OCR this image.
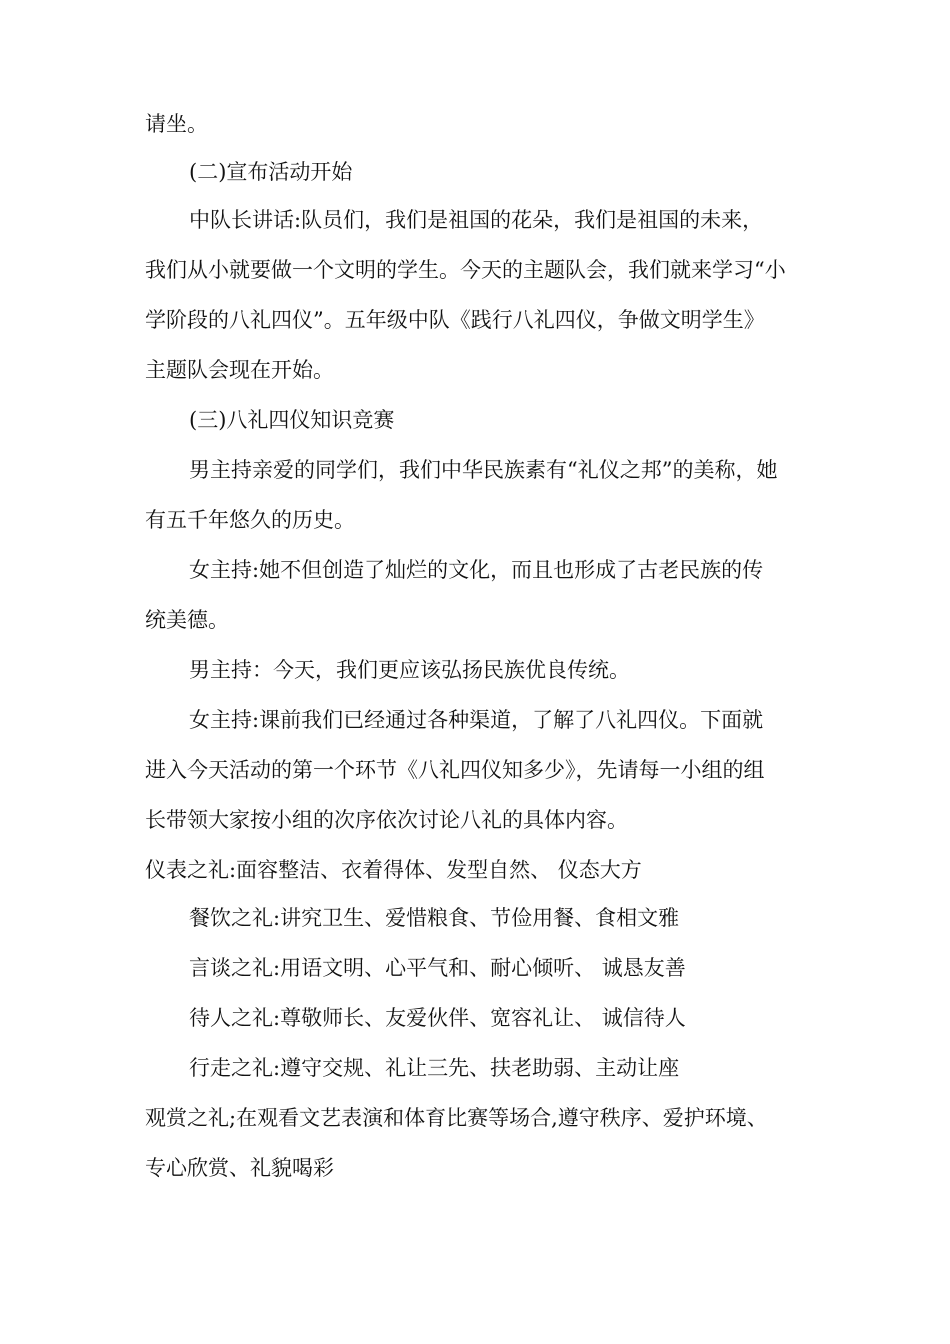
请坐。
(二)宣布活动开始
中队长讲话:队员们，我们是祖国的花朵，我们是祖国的未来，
我们从小就要做一个文明的学生。今天的主题队会，我们就来学习“小
学阶段的八礼四仪”。五年级中队《践行八礼四仪，争做文明学生》
主题队会现在开始。
(三)八礼四仪知识竞赛
男主持亲爱的同学们，我们中华民族素有“礼仪之邦”的美称，她
有五千年悠久的历史。
女主持:她不但创造了灿烂的文化，而且也形成了古老民族的传
统美德。
男主持：今天，我们更应该弘扬民族优良传统。
女主持:课前我们已经通过各种渠道，了解了八礼四仪。下面就
进入今天活动的第一个环节《八礼四仪知多少》，先请每一小组的组
长带领大家按小组的次序依次讨论八礼的具体内容。
仪表之礼:面容整洁、衣着得体、发型自然、 仪态大方
餐饮之礼:讲究卫生、爱惜粮食、节俭用餐、食相文雅
言谈之礼:用语文明、心平气和、耐心倾听、 诚恳友善
待人之礼:尊敬师长、友爱伙伴、宽容礼让、 诚信待人
行走之礼:遵守交规、礼让三先、扶老助弱、主动让座
观赏之礼;在观看文艺表演和体育比赛等场合,遵守秩序、爱护环境、
专心欣赏、礼貌喝彩
